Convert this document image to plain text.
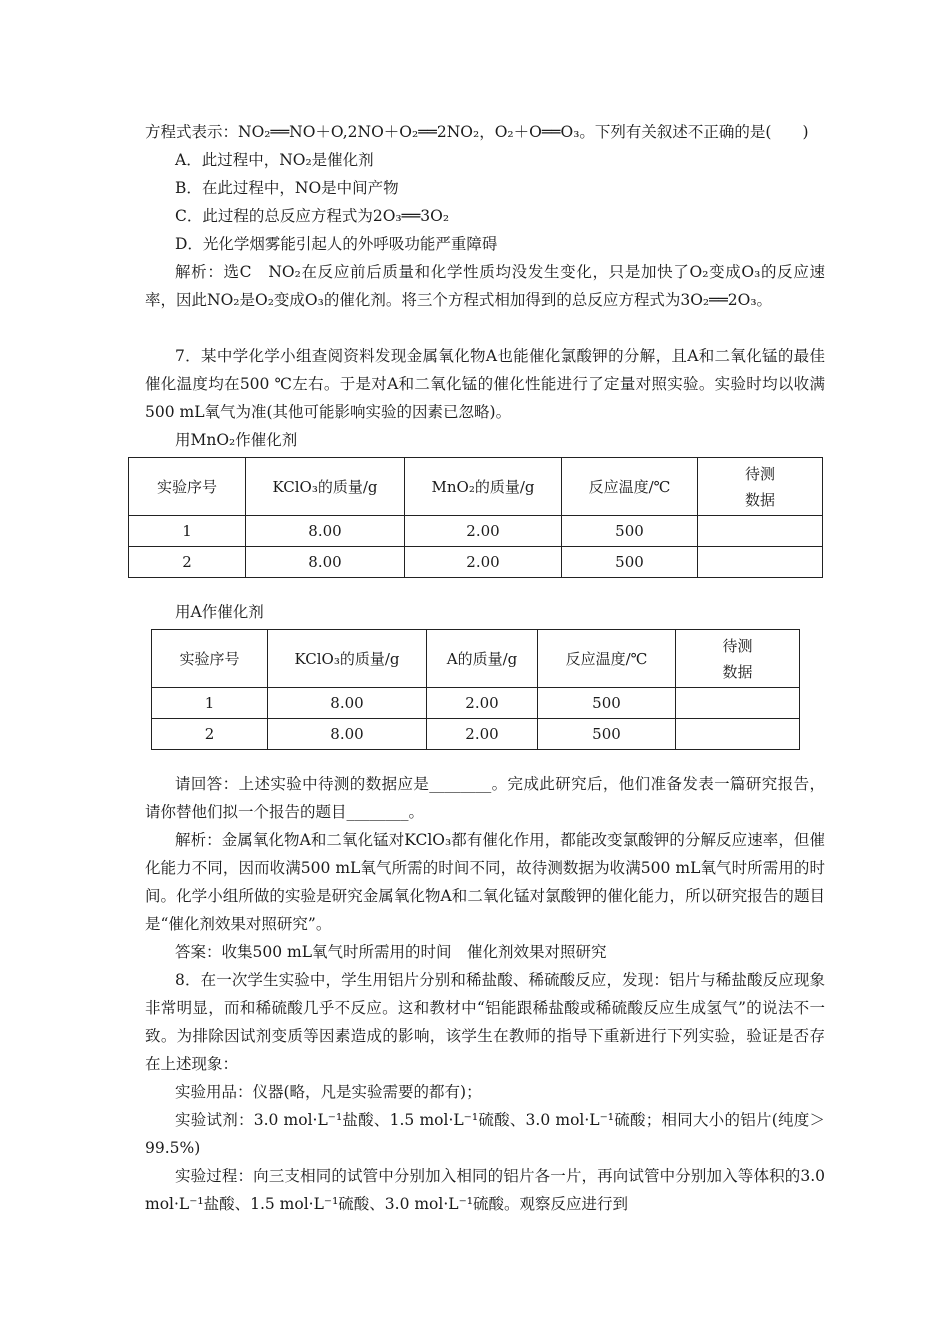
方程式表示：NO₂══NO＋O,2NO＋O₂══2NO₂，O₂＋O══O₃。下列有关叙述不正确的是(　　)

A．此过程中，NO₂是催化剂

B．在此过程中，NO是中间产物

C．此过程的总反应方程式为2O₃══3O₂

D．光化学烟雾能引起人的外呼吸功能严重障碍

解析：选C　NO₂在反应前后质量和化学性质均没发生变化，只是加快了O₂变成O₃的反应速率，因此NO₂是O₂变成O₃的催化剂。将三个方程式相加得到的总反应方程式为3O₂══2O₃。

7．某中学化学小组查阅资料发现金属氧化物A也能催化氯酸钾的分解，且A和二氧化锰的最佳催化温度均在500 ℃左右。于是对A和二氧化锰的催化性能进行了定量对照实验。实验时均以收满500 mL氧气为准(其他可能影响实验的因素已忽略)。

用MnO₂作催化剂

实验序号	KClO₃的质量/g	MnO₂的质量/g	反应温度/℃	待测
数据
1	8.00	2.00	500	
2	8.00	2.00	500	

用A作催化剂

实验序号	KClO₃的质量/g	A的质量/g	反应温度/℃	待测
数据
1	8.00	2.00	500	
2	8.00	2.00	500	

请回答：上述实验中待测的数据应是________。完成此研究后，他们准备发表一篇研究报告，请你替他们拟一个报告的题目________。

解析：金属氧化物A和二氧化锰对KClO₃都有催化作用，都能改变氯酸钾的分解反应速率，但催化能力不同，因而收满500 mL氧气所需的时间不同，故待测数据为收满500 mL氧气时所需用的时间。化学小组所做的实验是研究金属氧化物A和二氧化锰对氯酸钾的催化能力，所以研究报告的题目是“催化剂效果对照研究”。

答案：收集500 mL氧气时所需用的时间　催化剂效果对照研究

8．在一次学生实验中，学生用铝片分别和稀盐酸、稀硫酸反应，发现：铝片与稀盐酸反应现象非常明显，而和稀硫酸几乎不反应。这和教材中“铝能跟稀盐酸或稀硫酸反应生成氢气”的说法不一致。为排除因试剂变质等因素造成的影响，该学生在教师的指导下重新进行下列实验，验证是否存在上述现象：

实验用品：仪器(略，凡是实验需要的都有)；

实验试剂：3.0 mol·L⁻¹盐酸、1.5 mol·L⁻¹硫酸、3.0 mol·L⁻¹硫酸；相同大小的铝片(纯度＞99.5%)

实验过程：向三支相同的试管中分别加入相同的铝片各一片，再向试管中分别加入等体积的3.0 mol·L⁻¹盐酸、1.5 mol·L⁻¹硫酸、3.0 mol·L⁻¹硫酸。观察反应进行到
